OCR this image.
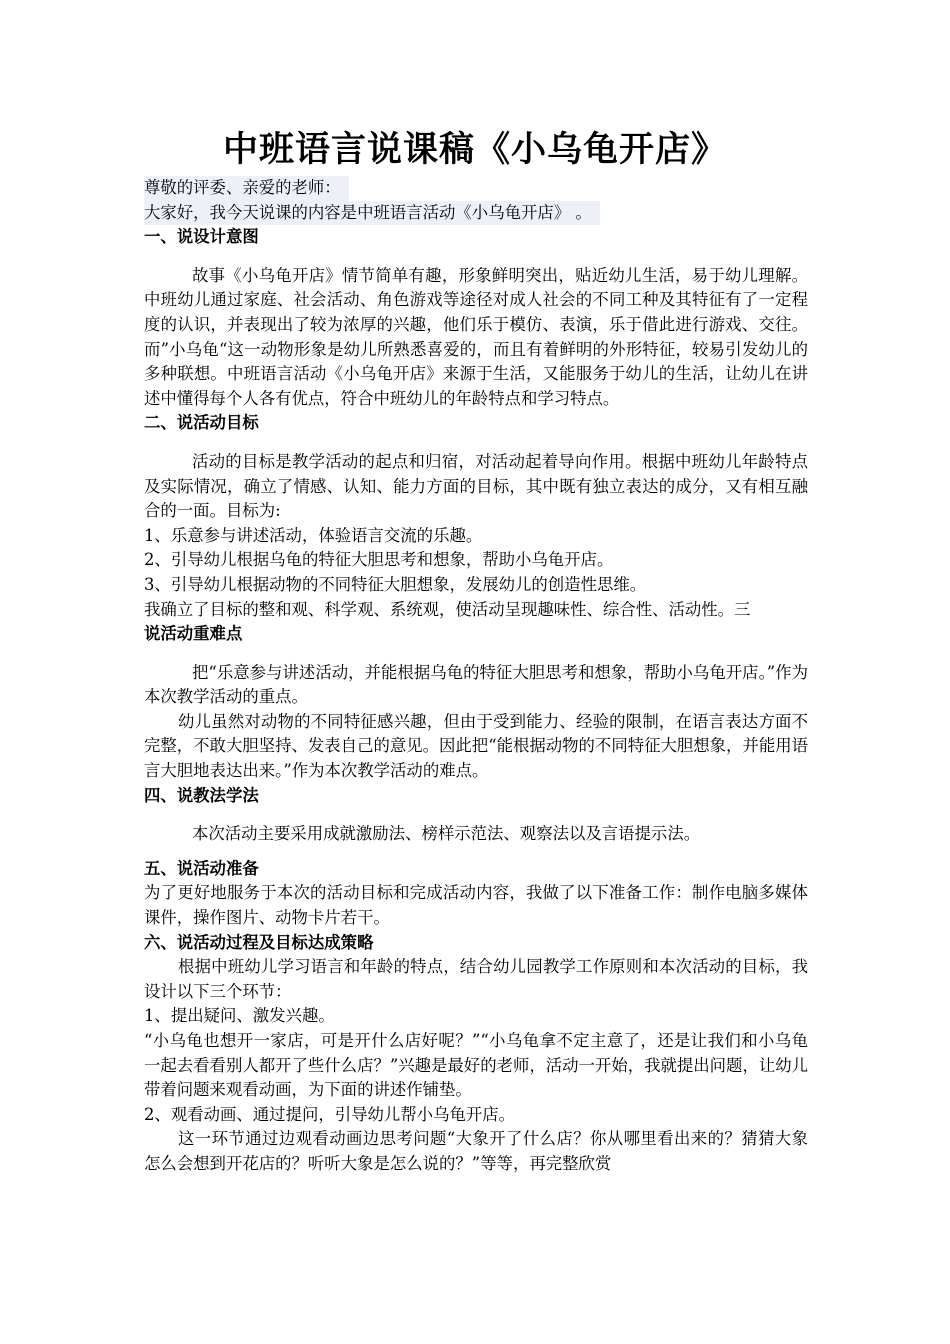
中班语言说课稿《小乌龟开店》

尊敬的评委、亲爱的老师：

大家好，我今天说课的内容是中班语言活动《小乌龟开店》 。

一、说设计意图

故事《小乌龟开店》情节简单有趣，形象鲜明突出，贴近幼儿生活，易于幼儿理解。中班幼儿通过家庭、社会活动、角色游戏等途径对成人社会的不同工种及其特征有了一定程度的认识，并表现出了较为浓厚的兴趣，他们乐于模仿、表演，乐于借此进行游戏、交往。而”小乌龟“这一动物形象是幼儿所熟悉喜爱的，而且有着鲜明的外形特征，较易引发幼儿的多种联想。中班语言活动《小乌龟开店》来源于生活，又能服务于幼儿的生活，让幼儿在讲述中懂得每个人各有优点，符合中班幼儿的年龄特点和学习特点。

二、说活动目标

活动的目标是教学活动的起点和归宿，对活动起着导向作用。根据中班幼儿年龄特点及实际情况，确立了情感、认知、能力方面的目标，其中既有独立表达的成分，又有相互融合的一面。目标为:

1、乐意参与讲述活动，体验语言交流的乐趣。

2、引导幼儿根据乌龟的特征大胆思考和想象，帮助小乌龟开店。

3、引导幼儿根据动物的不同特征大胆想象，发展幼儿的创造性思维。

我确立了目标的整和观、科学观、系统观，使活动呈现趣味性、综合性、活动性。三

说活动重难点

把“乐意参与讲述活动，并能根据乌龟的特征大胆思考和想象，帮助小乌龟开店。”作为本次教学活动的重点。

幼儿虽然对动物的不同特征感兴趣，但由于受到能力、经验的限制，在语言表达方面不完整，不敢大胆坚持、发表自己的意见。因此把“能根据动物的不同特征大胆想象，并能用语言大胆地表达出来。”作为本次教学活动的难点。

四、说教法学法

本次活动主要采用成就激励法、榜样示范法、观察法以及言语提示法。

五、说活动准备

为了更好地服务于本次的活动目标和完成活动内容，我做了以下准备工作：制作电脑多媒体课件，操作图片、动物卡片若干。

六、说活动过程及目标达成策略

根据中班幼儿学习语言和年龄的特点，结合幼儿园教学工作原则和本次活动的目标，我设计以下三个环节：

1、提出疑问、激发兴趣。

“小乌龟也想开一家店，可是开什么店好呢？”“小乌龟拿不定主意了，还是让我们和小乌龟一起去看看别人都开了些什么店？”兴趣是最好的老师，活动一开始，我就提出问题，让幼儿带着问题来观看动画，为下面的讲述作铺垫。

2、观看动画、通过提问，引导幼儿帮小乌龟开店。

这一环节通过边观看动画边思考问题“大象开了什么店？你从哪里看出来的？猜猜大象怎么会想到开花店的？听听大象是怎么说的？”等等，再完整欣赏
